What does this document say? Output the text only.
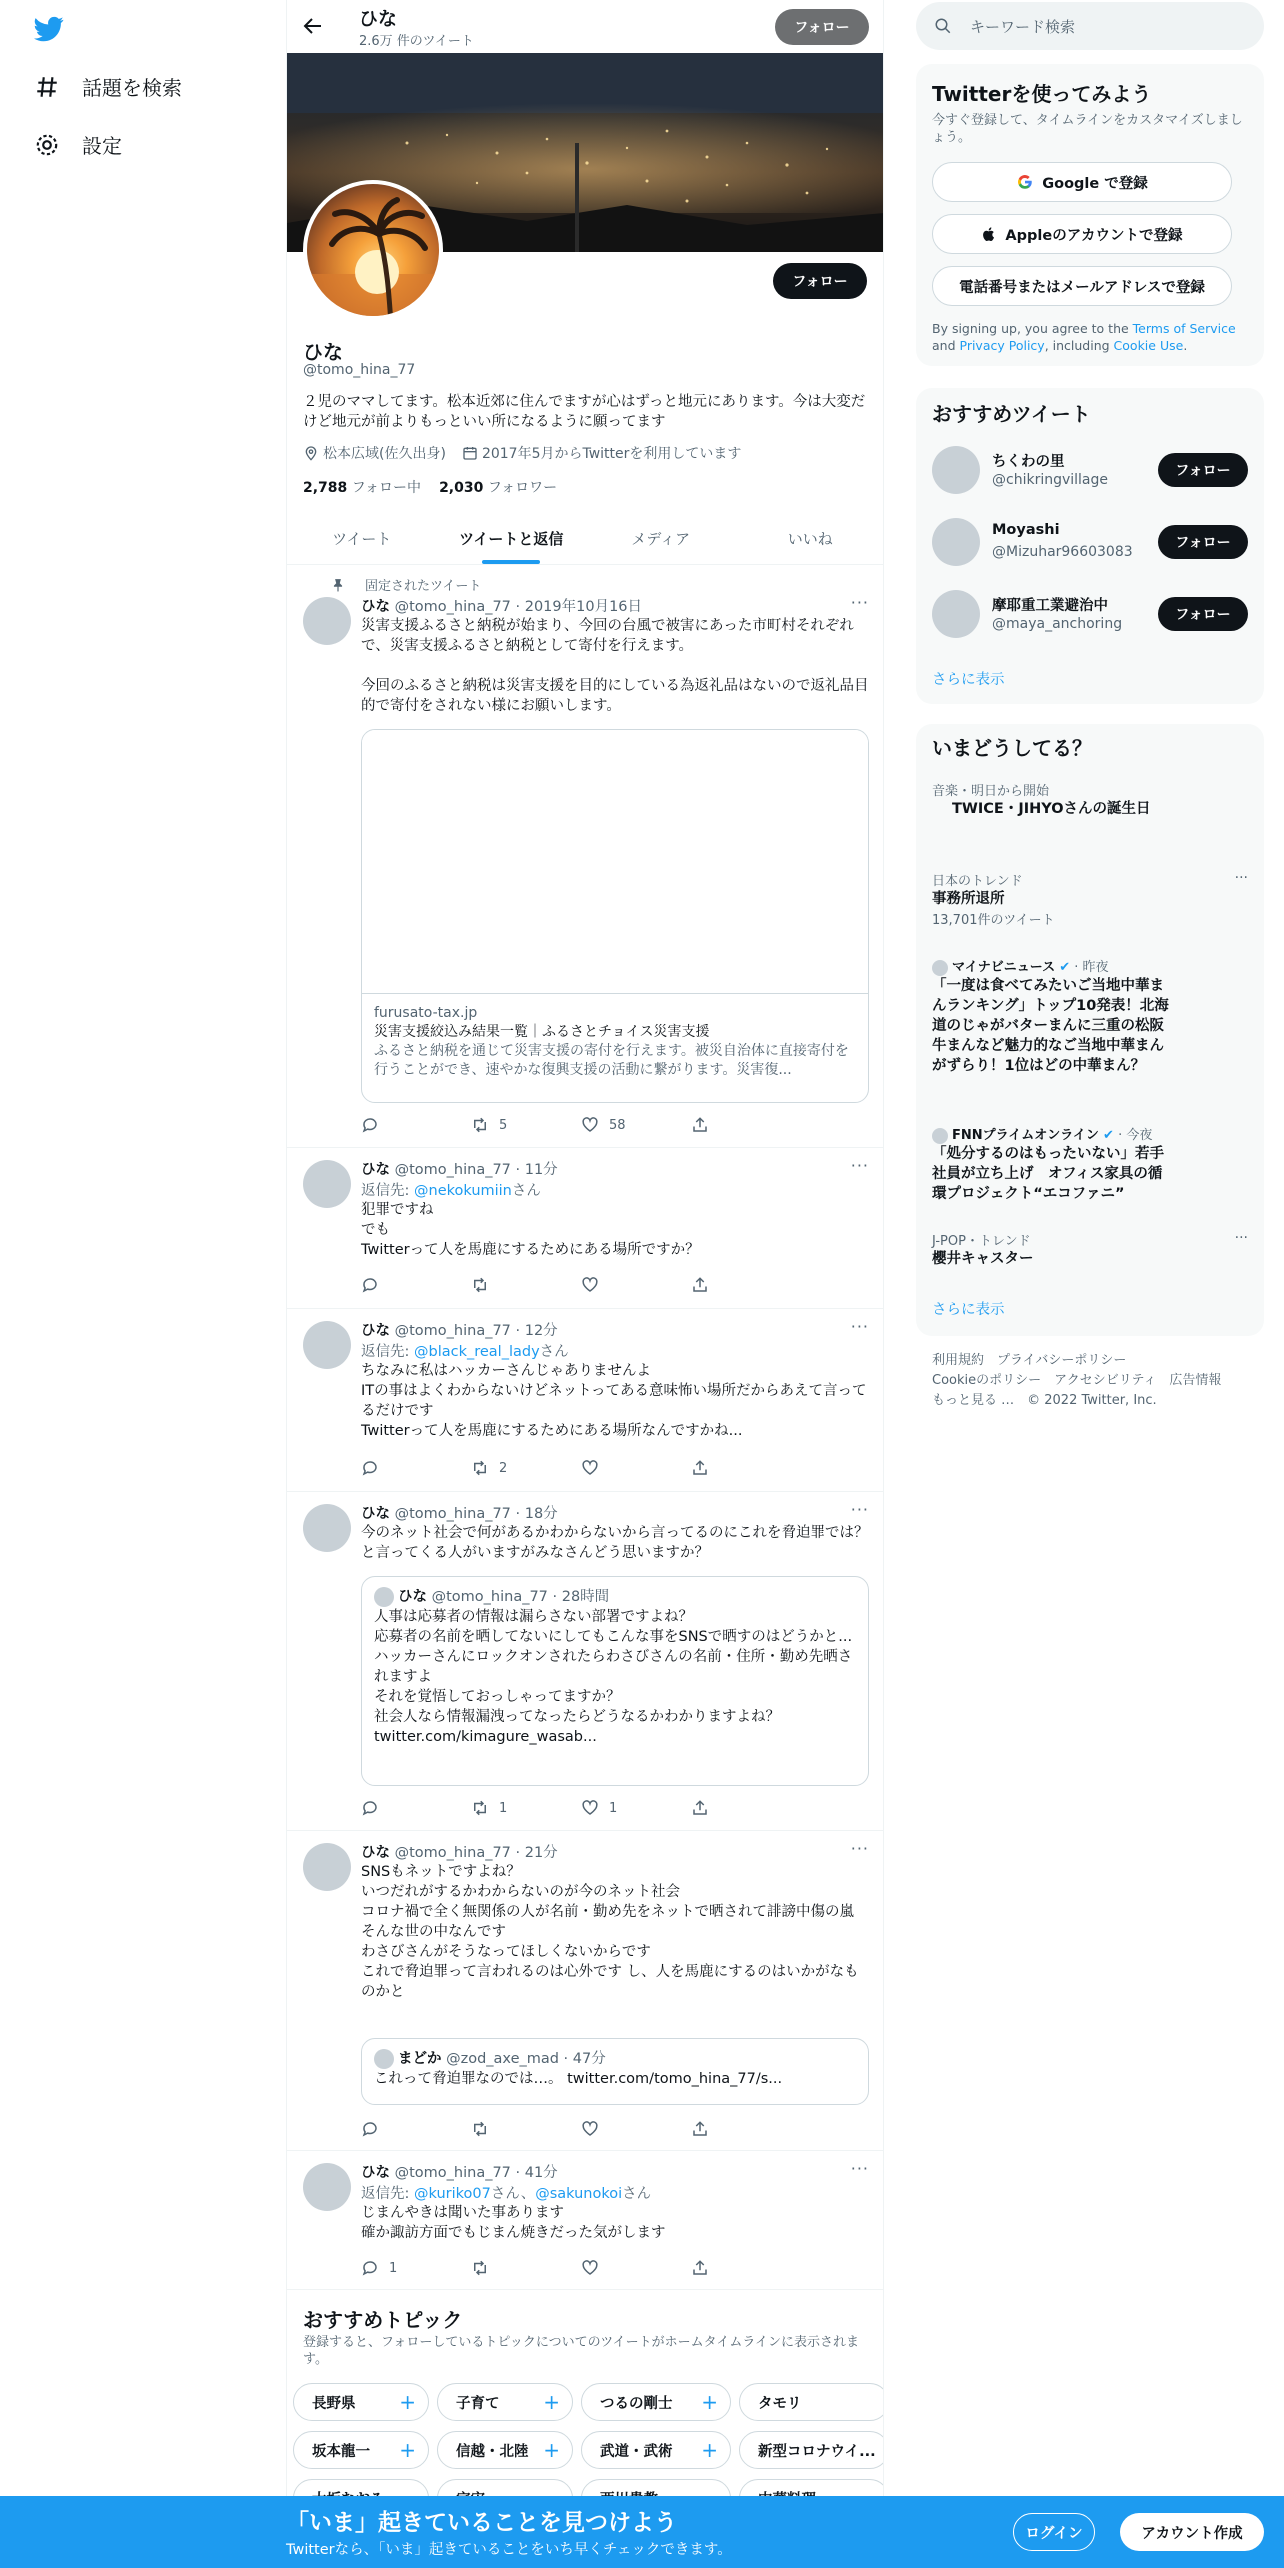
話題を検索
設定
ひな
2.6万 件のツイート
フォロー
フォロー
ひな
@tomo_hina_77
２児のママしてます。松本近郊に住んでますが心はずっと地元にあります。今は大変だけど地元が前よりもっといい所になるように願ってます
松本広域(佐久出身)	2017年5月からTwitterを利用しています
2,788 フォロー中 2,030 フォロワー
ツイート	ツイートと返信	メディア	いいね
固定されたツイート
···
ひな @tomo_hina_77 · 2019年10月16日
災害支援ふるさと納税が始まり、今回の台風で被害にあった市町村それぞれで、災害支援ふるさと納税として寄付を行えます。

今回のふるさと納税は災害支援を目的にしている為返礼品はないので返礼品目的で寄付をされない様にお願いします。
furusato-tax.jp
災害支援絞込み結果一覧｜ふるさとチョイス災害支援
ふるさと納税を通じて災害支援の寄付を行えます。被災自治体に直接寄付を行うことができ、速やかな復興支援の活動に繋がります。災害復...
5	58
···
ひな @tomo_hina_77 · 11分
返信先: @nekokumiinさん
犯罪ですね
でも
Twitterって人を馬鹿にするためにある場所ですか？
···
ひな @tomo_hina_77 · 12分
返信先: @black_real_ladyさん
ちなみに私はハッカーさんじゃありませんよ
ITの事はよくわからないけどネットってある意味怖い場所だからあえて言ってるだけです
Twitterって人を馬鹿にするためにある場所なんですかね...
2
···
ひな @tomo_hina_77 · 18分
今のネット社会で何があるかわからないから言ってるのにこれを脅迫罪では？と言ってくる人がいますがみなさんどう思いますか？
ひな @tomo_hina_77 · 28時間
人事は応募者の情報は漏らさない部署ですよね？
応募者の名前を晒してないにしてもこんな事をSNSで晒すのはどうかと...
ハッカーさんにロックオンされたらわさびさんの名前・住所・勤め先晒されますよ
それを覚悟しておっしゃってますか？
社会人なら情報漏洩ってなったらどうなるかわかりますよね？
twitter.com/kimagure_wasab...
1	1
···
ひな @tomo_hina_77 · 21分
SNSもネットですよね？
いつだれがするかわからないのが今のネット社会
コロナ禍で全く無関係の人が名前・勤め先をネットで晒されて誹謗中傷の嵐
そんな世の中なんです
わさびさんがそうなってほしくないからです
これで脅迫罪って言われるのは心外です し、人を馬鹿にするのはいかがなものかと
まどか @zod_axe_mad · 47分
これって脅迫罪なのでは…。 twitter.com/tomo_hina_77/s...
···
ひな @tomo_hina_77 · 41分
返信先: @kuriko07さん、@sakunokoiさん
じまんやきは聞いた事あります
確か諏訪方面でもじまん焼きだった気がします
1
おすすめトピック
登録すると、フォローしているトピックについてのツイートがホームタイムラインに表示されます。
長野県 +	子育て +	つるの剛士 +	タモリ
坂本龍一 +	信越・北陸 +	武道・武術 +	新型コロナウイ...
キーワード検索
Twitterを使ってみよう
今すぐ登録して、タイムラインをカスタマイズしましょう。
Google で登録
Appleのアカウントで登録
電話番号またはメールアドレスで登録
By signing up, you agree to the Terms of Service and Privacy Policy, including Cookie Use.
おすすめツイート
ちくわの里
@chikringvillage
フォロー
Moyashi
@Mizuhar96603083
フォロー
摩耶重工業避治中
@maya_anchoring
フォロー
さらに表示
いまどうしてる？
音楽・明日から開始
TWICE・JIHYOさんの誕生日
日本のトレンド
事務所退所
13,701件のツイート
···
マイナビニュース ✔ · 昨夜
「一度は食べてみたいご当地中華まんランキング」トップ10発表！北海道のじゃがバターまんに三重の松阪牛まんなど魅力的なご当地中華まんがずらり！1位はどの中華まん？
FNNプライムオンライン ✔ · 今夜
「処分するのはもったいない」若手社員が立ち上げ　オフィス家具の循環プロジェクト“エコファニ”
J-POP・トレンド
櫻井キャスター
···
さらに表示
利用規約　プライバシーポリシー
Cookieのポリシー　アクセシビリティ　広告情報
もっと見る …　© 2022 Twitter, Inc.
「いま」起きていることを見つけよう
Twitterなら、「いま」起きていることをいち早くチェックできます。
ログイン	アカウント作成
